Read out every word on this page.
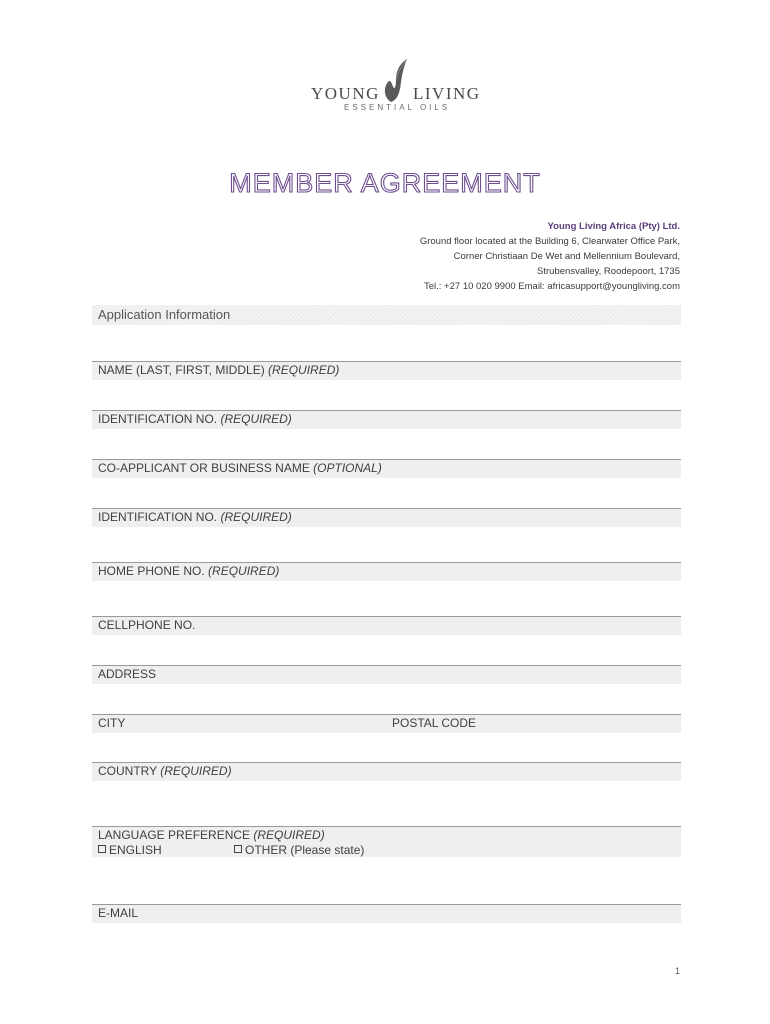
YOUNG LIVING
ESSENTIAL OILS
MEMBER AGREEMENT
Young Living Africa (Pty) Ltd.
Ground floor located at the Building 6, Clearwater Office Park,
Corner Christiaan De Wet and Mellennium Boulevard,
Strubensvalley, Roodepoort, 1735
Tel.: +27 10 020 9900 Email: africasupport@youngliving.com
Application Information
NAME (LAST, FIRST, MIDDLE) (REQUIRED)
IDENTIFICATION NO. (REQUIRED)
CO-APPLICANT OR BUSINESS NAME (OPTIONAL)
IDENTIFICATION NO. (REQUIRED)
HOME PHONE NO. (REQUIRED)
CELLPHONE NO.
ADDRESS
CITY	POSTAL CODE
COUNTRY (REQUIRED)
LANGUAGE PREFERENCE (REQUIRED)
ENGLISH	OTHER (Please state)
E-MAIL
1
